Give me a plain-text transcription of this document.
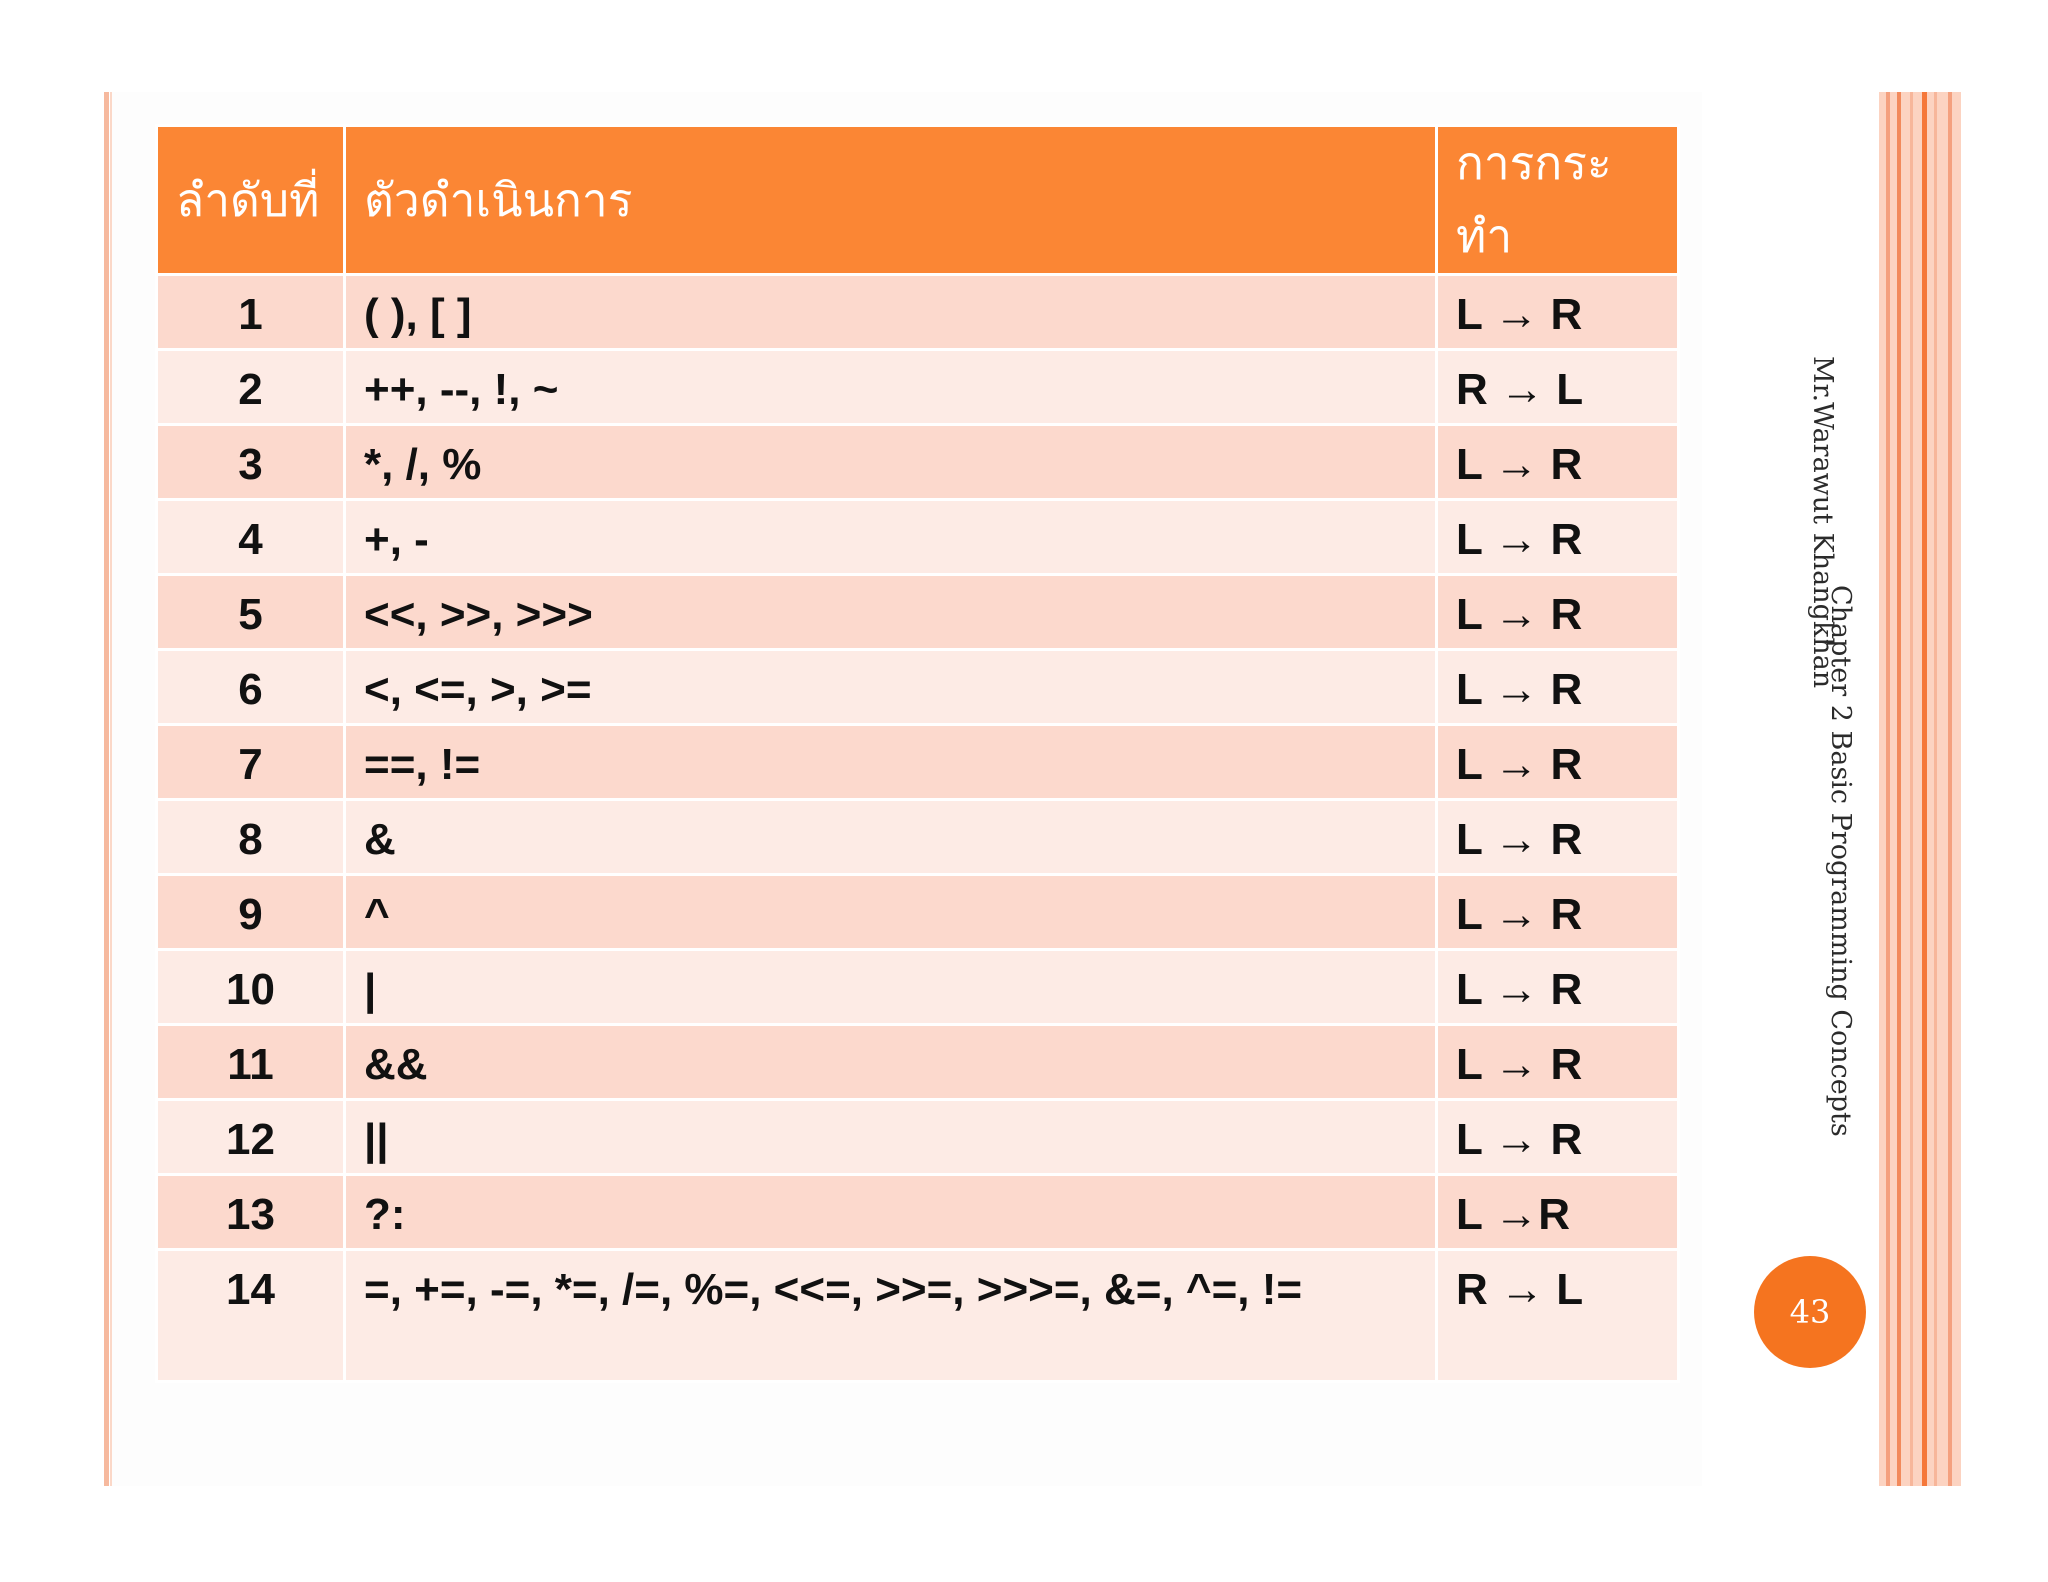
ลำดับที่	ตัวดำเนินการ	การกระทำ
1	( ), [ ]	L → R
2	++, --, !, ~	R → L
3	*, /, %	L → R
4	+, -	L → R
5	<<, >>, >>>	L → R
6	<, <=, >, >=	L → R
7	==, !=	L → R
8	&	L → R
9	^	L → R
10	|	L → R
11	&&	L → R
12	||	L → R
13	?:	L →R
14	=, +=, -=, *=, /=, %=, <<=, >>=, >>>=, &=, ^=, !=	R → L
Mr.Warawut Khangkhan
Chapter 2 Basic Programming Concepts
43
